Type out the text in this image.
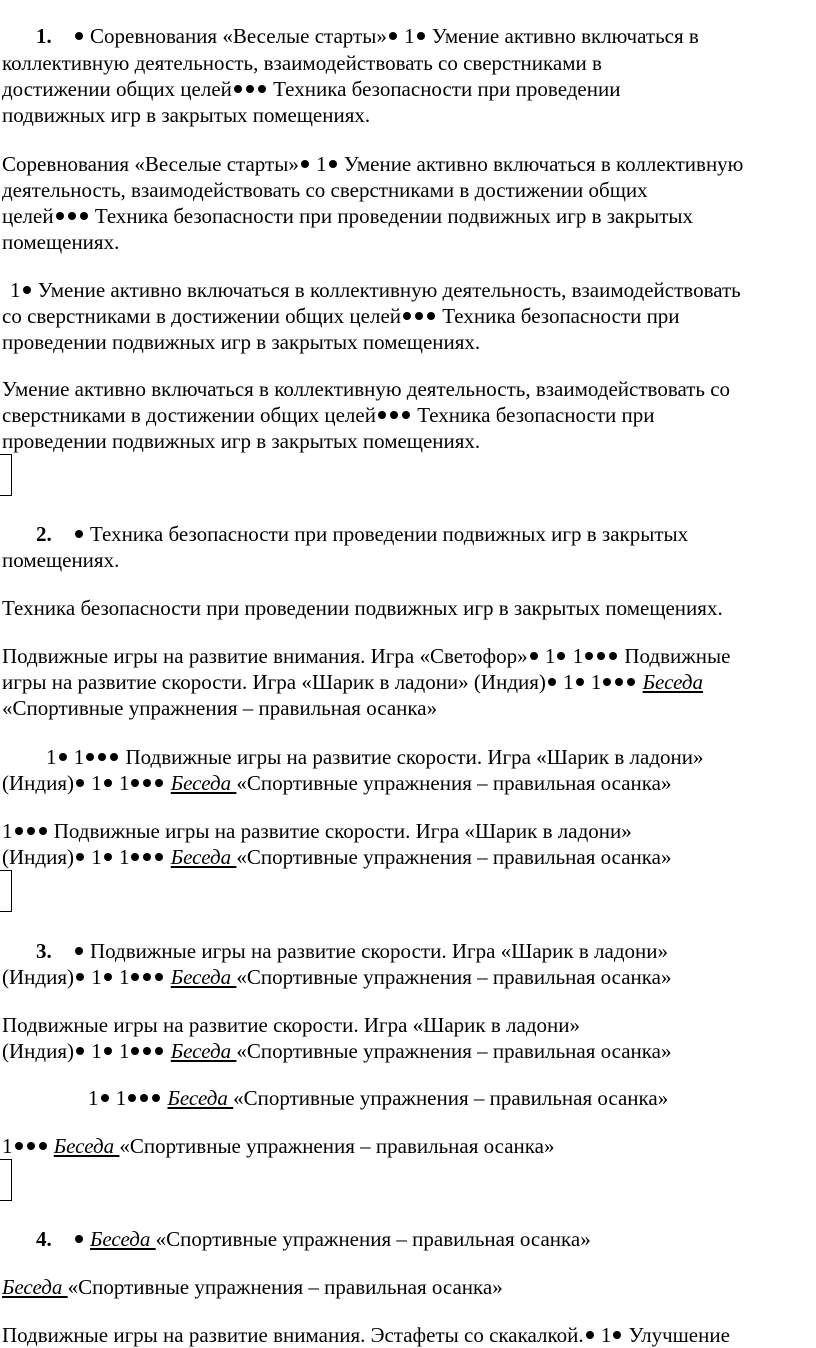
1. Соревнования «Веселые старты» 1 Умение активно включаться в
коллективную деятельность, взаимодействовать со сверстниками в
достижении общих целей Техника безопасности при проведении
подвижных игр в закрытых помещениях.
Соревнования «Веселые старты» 1 Умение активно включаться в коллективную
деятельность, взаимодействовать со сверстниками в достижении общих
целей Техника безопасности при проведении подвижных игр в закрытых
помещениях.
1 Умение активно включаться в коллективную деятельность, взаимодействовать
со сверстниками в достижении общих целей Техника безопасности при
проведении подвижных игр в закрытых помещениях.
Умение активно включаться в коллективную деятельность, взаимодействовать со
сверстниками в достижении общих целей Техника безопасности при
проведении подвижных игр в закрытых помещениях.
2. Техника безопасности при проведении подвижных игр в закрытых
помещениях.
Техника безопасности при проведении подвижных игр в закрытых помещениях.
Подвижные игры на развитие внимания. Игра «Светофор» 1 1 Подвижные
игры на развитие скорости. Игра «Шарик в ладони» (Индия) 1 1 Беседа
«Спортивные упражнения – правильная осанка»
1 1 Подвижные игры на развитие скорости. Игра «Шарик в ладони»
(Индия) 1 1 Беседа «Спортивные упражнения – правильная осанка»
1 Подвижные игры на развитие скорости. Игра «Шарик в ладони»
(Индия) 1 1 Беседа «Спортивные упражнения – правильная осанка»
3. Подвижные игры на развитие скорости. Игра «Шарик в ладони»
(Индия) 1 1 Беседа «Спортивные упражнения – правильная осанка»
Подвижные игры на развитие скорости. Игра «Шарик в ладони»
(Индия) 1 1 Беседа «Спортивные упражнения – правильная осанка»
1 1 Беседа «Спортивные упражнения – правильная осанка»
1 Беседа «Спортивные упражнения – правильная осанка»
4. Беседа «Спортивные упражнения – правильная осанка»
Беседа «Спортивные упражнения – правильная осанка»
Подвижные игры на развитие внимания. Эстафеты со скакалкой. 1 Улучшение
